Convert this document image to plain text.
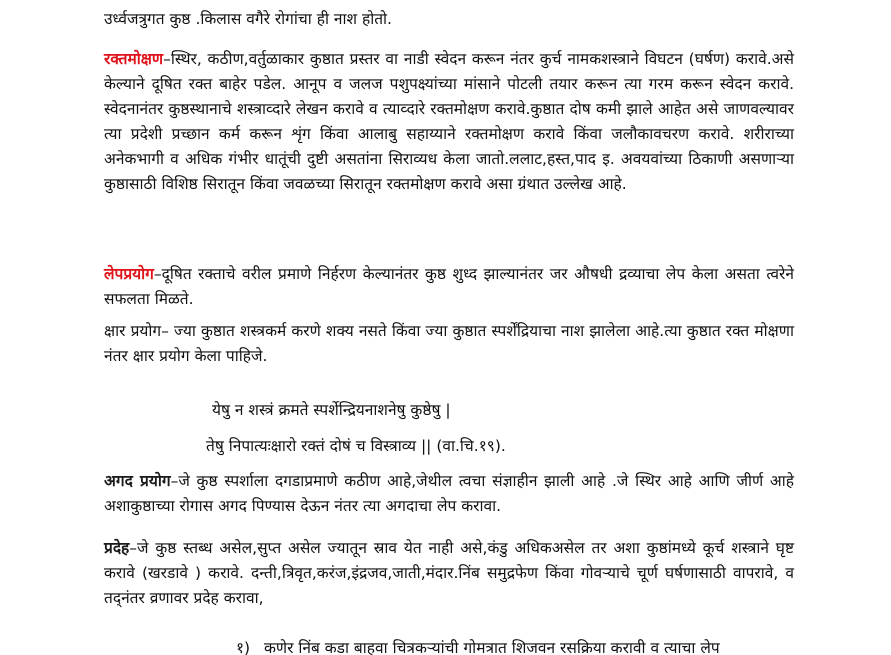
उर्ध्वजत्रुगत कुष्ठ .किलास वगैरे रोगांचा ही नाश होतो.

रक्तमोक्षण–स्थिर, कठीण,वर्तुळाकार कुष्ठात प्रस्तर वा नाडी स्वेदन करून नंतर कुर्च नामकशस्त्राने विघटन (घर्षण) करावे.असे केल्याने दूषित रक्त बाहेर पडेल. आनूप व जलज पशुपक्ष्यांच्या मांसाने पोटली तयार करून त्या गरम करून स्वेदन करावे. स्वेदनानंतर कुष्ठस्थानाचे शस्त्राव्दारे लेखन करावे व त्याव्दारे रक्तमोक्षण करावे.कुष्ठात दोष कमी झाले आहेत असे जाणवल्यावर त्या प्रदेशी प्रच्छान कर्म करून शृंग किंवा आलाबु सहाय्याने रक्तमोक्षण करावे किंवा जलौकावचरण करावे. शरीराच्या अनेकभागी व अधिक गंभीर धातूंची दुष्टी असतांना सिराव्यध केला जातो.ललाट,हस्त,पाद इ. अवयवांच्या ठिकाणी असणाऱ्या कुष्ठासाठी विशिष्ठ सिरातून किंवा जवळच्या सिरातून रक्तमोक्षण करावे असा ग्रंथात उल्लेख आहे.

लेपप्रयोग–दूषित रक्ताचे वरील प्रमाणे निर्हरण केल्यानंतर कुष्ठ शुध्द झाल्यानंतर जर औषधी द्रव्याचा लेप केला असता त्वरेने सफलता मिळते.

क्षार प्रयोग– ज्या कुष्ठात शस्त्रकर्म करणे शक्य नसते किंवा ज्या कुष्ठात स्पर्शेंद्रियाचा नाश झालेला आहे.त्या कुष्ठात रक्त मोक्षणा नंतर क्षार प्रयोग केला पाहिजे.

येषु न शस्त्रं क्रमते स्पर्शेन्द्रियनाशनेषु कुष्ठेषु |

तेषु निपात्यःक्षारो रक्तं दोषं च विस्त्राव्य || (वा.चि.१९).

अगद प्रयोग–जे कुष्ठ स्पर्शाला दगडाप्रमाणे कठीण आहे,जेथील त्वचा संज्ञाहीन झाली आहे .जे स्थिर आहे आणि जीर्ण आहे अशाकुष्ठाच्या रोगास अगद पिण्यास देऊन नंतर त्या अगदाचा लेप करावा.

प्रदेह–जे कुष्ठ स्तब्ध असेल,सुप्त असेल ज्यातून स्राव येत नाही असे,कंडु अधिकअसेल तर अशा कुष्ठांमध्ये कूर्च शस्त्राने घृष्ट करावे (खरडावे ) करावे. दन्ती,त्रिवृत,करंज,इंद्रजव,जाती,मंदार.निंब समुद्रफेण किंवा गोवऱ्याचे चूर्ण घर्षणासाठी वापरावे, व तद्नंतर व्रणावर प्रदेह करावा,

१) कणेर निंब कडा बाहवा चित्रकऱ्यांची गोमत्रात शिजवन रसक्रिया करावी व त्याचा लेप
